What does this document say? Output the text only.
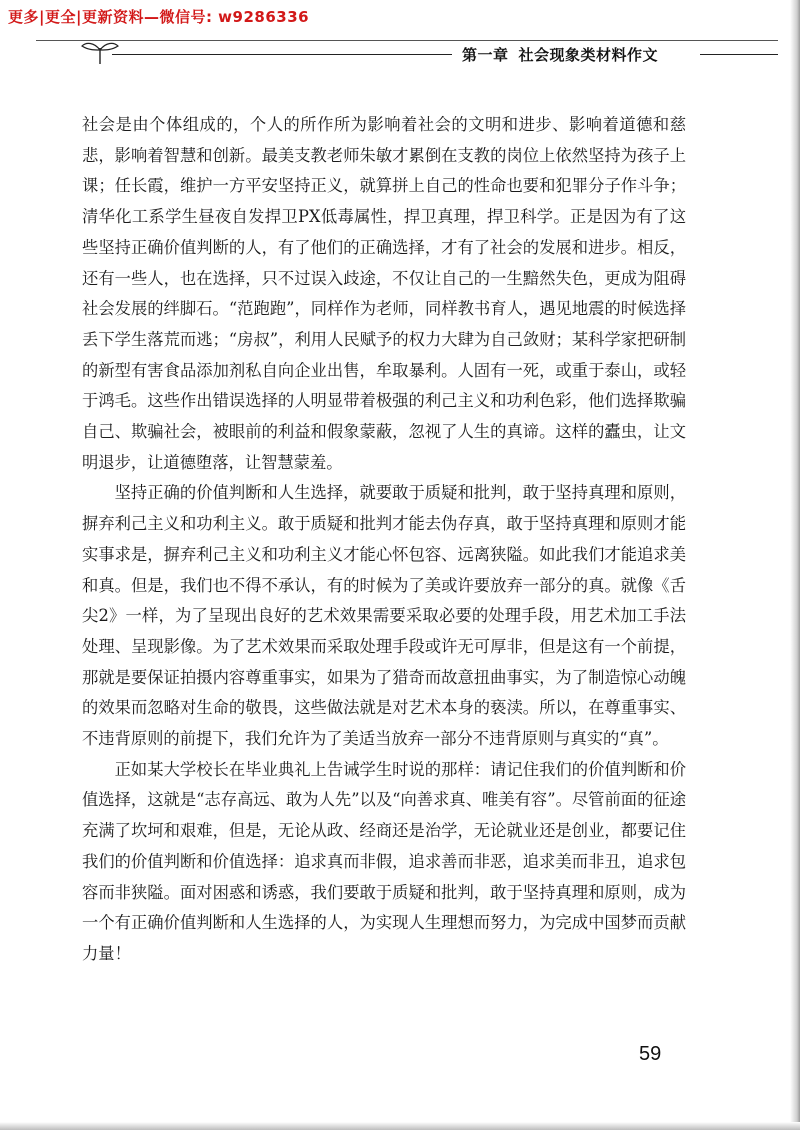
更多|更全|更新资料—微信号: w9286336
第一章 社会现象类材料作文

社会是由个体组成的，个人的所作所为影响着社会的文明和进步、影响着道德和慈悲，影响着智慧和创新。最美支教老师朱敏才累倒在支教的岗位上依然坚持为孩子上课；任长霞，维护一方平安坚持正义，就算拼上自己的性命也要和犯罪分子作斗争；清华化工系学生昼夜自发捍卫PX低毒属性，捍卫真理，捍卫科学。正是因为有了这些坚持正确价值判断的人，有了他们的正确选择，才有了社会的发展和进步。相反，还有一些人，也在选择，只不过误入歧途，不仅让自己的一生黯然失色，更成为阻碍社会发展的绊脚石。“范跑跑”，同样作为老师，同样教书育人，遇见地震的时候选择丢下学生落荒而逃；“房叔”，利用人民赋予的权力大肆为自己敛财；某科学家把研制的新型有害食品添加剂私自向企业出售，牟取暴利。人固有一死，或重于泰山，或轻于鸿毛。这些作出错误选择的人明显带着极强的利己主义和功利色彩，他们选择欺骗自己、欺骗社会，被眼前的利益和假象蒙蔽，忽视了人生的真谛。这样的蠹虫，让文明退步，让道德堕落，让智慧蒙羞。

坚持正确的价值判断和人生选择，就要敢于质疑和批判，敢于坚持真理和原则，摒弃利己主义和功利主义。敢于质疑和批判才能去伪存真，敢于坚持真理和原则才能实事求是，摒弃利己主义和功利主义才能心怀包容、远离狭隘。如此我们才能追求美和真。但是，我们也不得不承认，有的时候为了美或许要放弃一部分的真。就像《舌尖2》一样，为了呈现出良好的艺术效果需要采取必要的处理手段，用艺术加工手法处理、呈现影像。为了艺术效果而采取处理手段或许无可厚非，但是这有一个前提，那就是要保证拍摄内容尊重事实，如果为了猎奇而故意扭曲事实，为了制造惊心动魄的效果而忽略对生命的敬畏，这些做法就是对艺术本身的亵渎。所以，在尊重事实、不违背原则的前提下，我们允许为了美适当放弃一部分不违背原则与真实的“真”。

正如某大学校长在毕业典礼上告诫学生时说的那样：请记住我们的价值判断和价值选择，这就是“志存高远、敢为人先”以及“向善求真、唯美有容”。尽管前面的征途充满了坎坷和艰难，但是，无论从政、经商还是治学，无论就业还是创业，都要记住我们的价值判断和价值选择：追求真而非假，追求善而非恶，追求美而非丑，追求包容而非狭隘。面对困惑和诱惑，我们要敢于质疑和批判，敢于坚持真理和原则，成为一个有正确价值判断和人生选择的人，为实现人生理想而努力，为完成中国梦而贡献力量！

59
